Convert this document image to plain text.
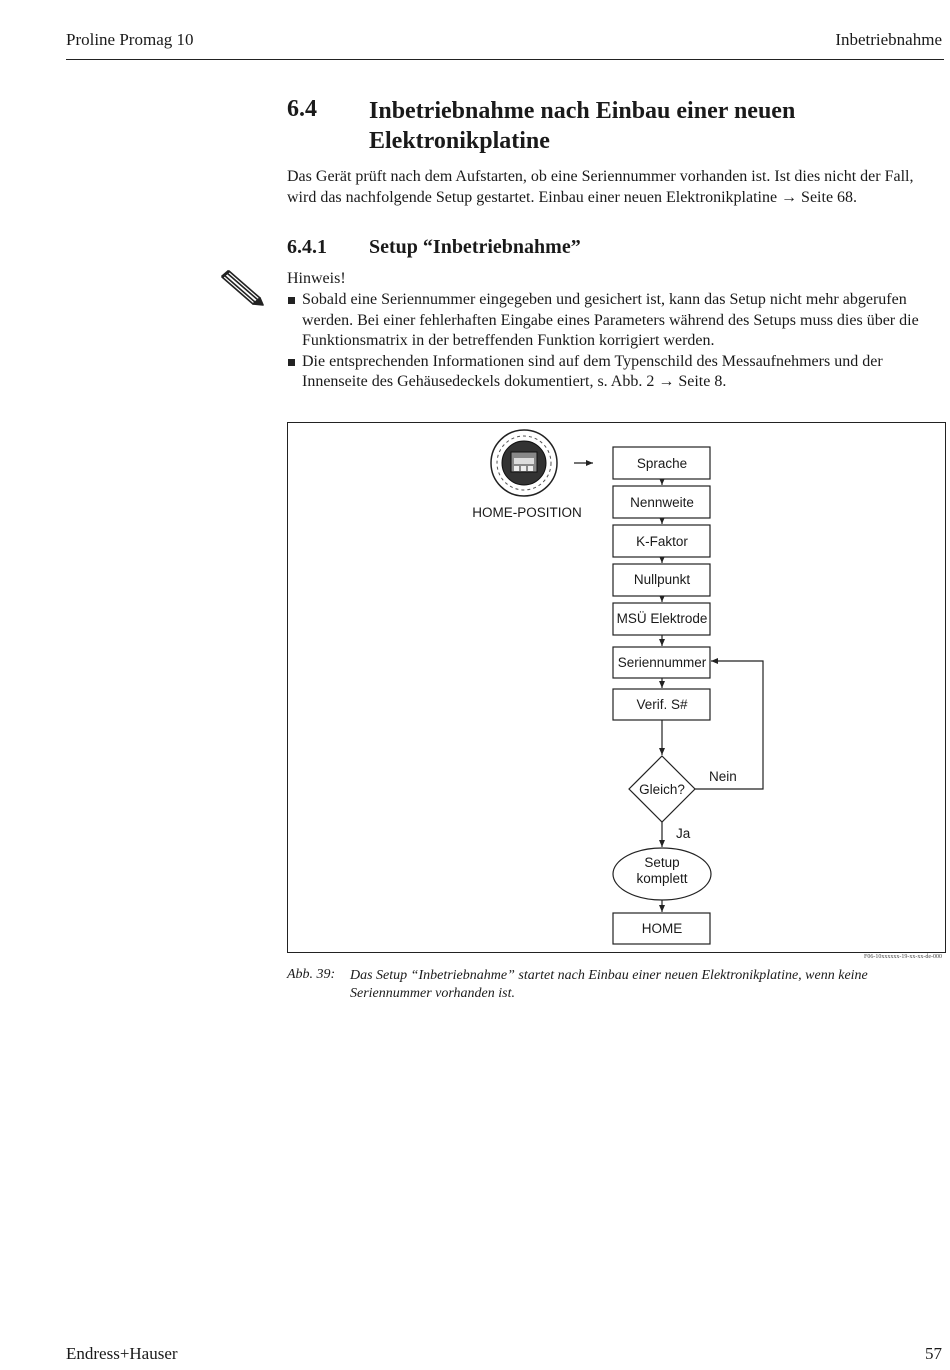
Proline Promag 10	Inbetriebnahme
6.4 Inbetriebnahme nach Einbau einer neuen Elektronikplatine
Das Gerät prüft nach dem Aufstarten, ob eine Seriennummer vorhanden ist. Ist dies nicht der Fall, wird das nachfolgende Setup gestartet. Einbau einer neuen Elektronikplatine → Seite 68.
6.4.1 Setup “Inbetriebnahme”
Hinweis!
Sobald eine Seriennummer eingegeben und gesichert ist, kann das Setup nicht mehr abgerufen werden. Bei einer fehlerhaften Eingabe eines Parameters während des Setups muss dies über die Funktionsmatrix in der betreffenden Funktion korrigiert werden.
Die entsprechenden Informationen sind auf dem Typenschild des Messaufnehmers und der Innenseite des Gehäusedeckels dokumentiert, s. Abb. 2 → Seite 8.
HOME-POSITION
Sprache
Nennweite
K-Faktor
Nullpunkt
MSÜ Elektrode
Seriennummer
Verif. S#
Gleich?
Setup
komplett
HOME
Nein
Ja
F06-10xxxxxx-19-xx-xx-de-000
Abb. 39: Das Setup “Inbetriebnahme” startet nach Einbau einer neuen Elektronikplatine, wenn keine Seriennummer vorhanden ist.
Endress+Hauser	57
